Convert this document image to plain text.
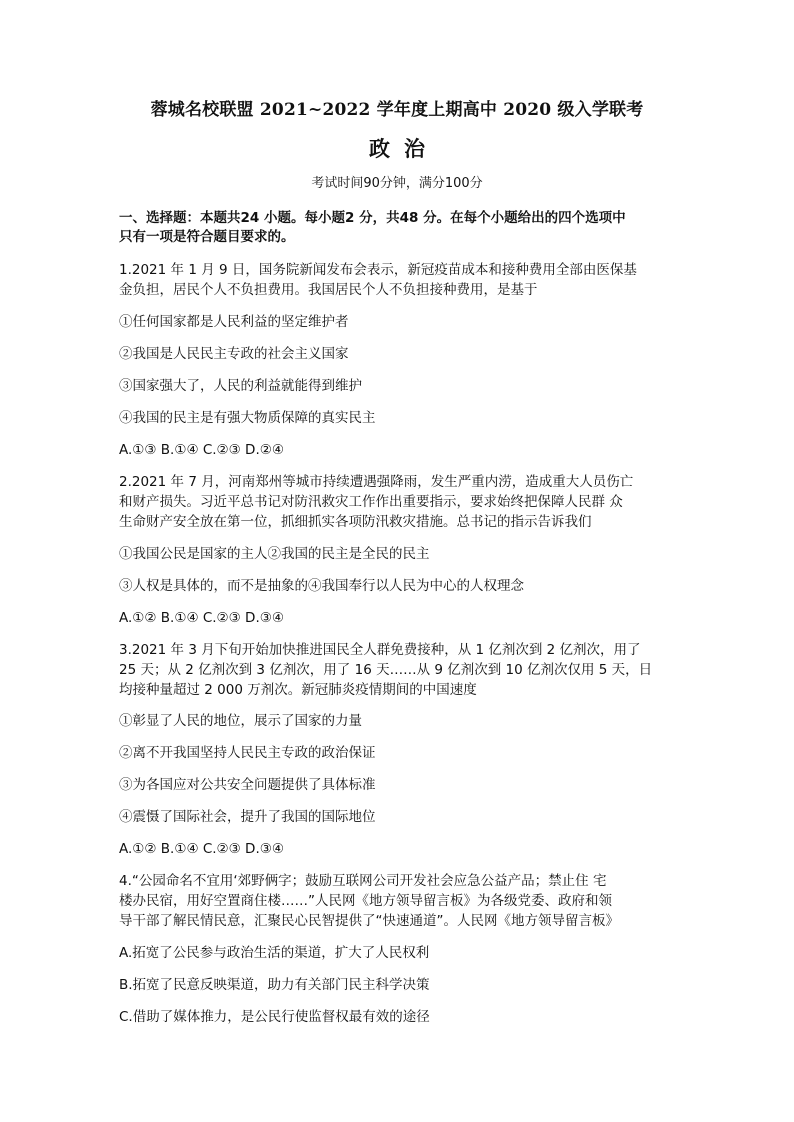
蓉城名校联盟 2021~2022 学年度上期高中 2020 级入学联考
政治
考试时间90分钟，满分100分
一、选择题：本题共24 小题。每小题2 分，共48 分。在每个小题给出的四个选项中
只有一项是符合题目要求的。
1.2021 年 1 月 9 日，国务院新闻发布会表示，新冠疫苗成本和接种费用全部由医保基
金负担，居民个人不负担费用。我国居民个人不负担接种费用，是基于
①任何国家都是人民利益的坚定维护者
②我国是人民民主专政的社会主义国家
③国家强大了，人民的利益就能得到维护
④我国的民主是有强大物质保障的真实民主
A.①③ B.①④ C.②③ D.②④
2.2021 年 7 月，河南郑州等城市持续遭遇强降雨，发生严重内涝，造成重大人员伤亡
和财产损失。习近平总书记对防汛救灾工作作出重要指示，要求始终把保障人民群 众
生命财产安全放在第一位，抓细抓实各项防汛救灾措施。总书记的指示告诉我们
①我国公民是国家的主人②我国的民主是全民的民主
③人权是具体的，而不是抽象的④我国奉行以人民为中心的人权理念
A.①② B.①④ C.②③ D.③④
3.2021 年 3 月下旬开始加快推进国民全人群免费接种，从 1 亿剂次到 2 亿剂次，用了
25 天；从 2 亿剂次到 3 亿剂次，用了 16 天……从 9 亿剂次到 10 亿剂次仅用 5 天，日
均接种量超过 2 000 万剂次。新冠肺炎疫情期间的中国速度
①彰显了人民的地位，展示了国家的力量
②离不开我国坚持人民民主专政的政治保证
③为各国应对公共安全问题提供了具体标准
④震慑了国际社会，提升了我国的国际地位
A.①② B.①④ C.②③ D.③④
4.“公园命名不宜用‘郊野俩字；鼓励互联网公司开发社会应急公益产品；禁止住 宅
楼办民宿，用好空置商住楼……”人民网《地方领导留言板》为各级党委、政府和领
导干部了解民情民意，汇聚民心民智提供了“快速通道”。人民网《地方领导留言板》
A.拓宽了公民参与政治生活的渠道，扩大了人民权利
B.拓宽了民意反映渠道，助力有关部门民主科学决策
C.借助了媒体推力，是公民行使监督权最有效的途径
